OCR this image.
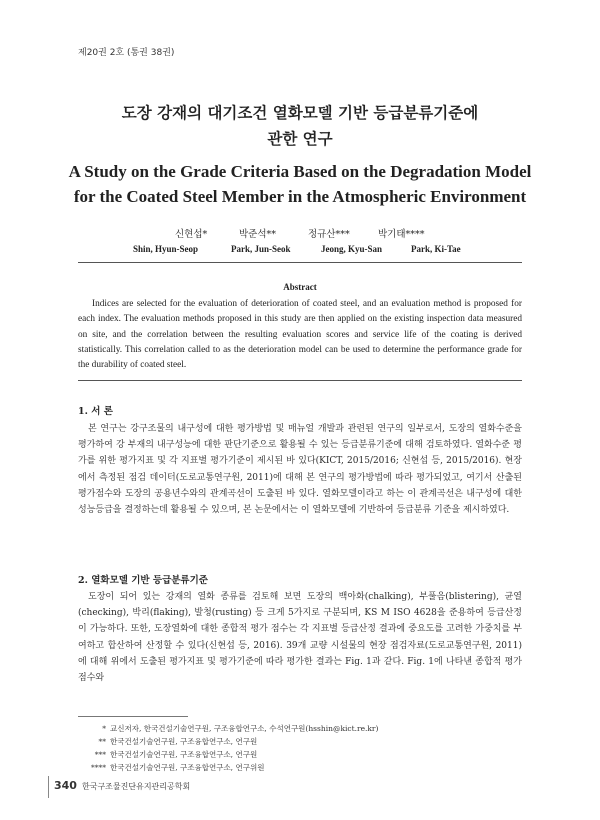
제20권 2호 (통권 38권)
도장 강재의 대기조건 열화모델 기반 등급분류기준에
관한 연구
A Study on the Grade Criteria Based on the Degradation Model
for the Coated Steel Member in the Atmospheric Environment
신현섭*	박준석**	정규산***	박기태****
Shin, Hyun-Seop	Park, Jun-Seok	Jeong, Kyu-San	Park, Ki-Tae
Abstract

Indices are selected for the evaluation of deterioration of coated steel, and an evaluation method is proposed for each index. The evaluation methods proposed in this study are then applied on the existing inspection data measured on site, and the correlation between the resulting evaluation scores and service life of the coating is derived statistically. This correlation called to as the deterioration model can be used to determine the performance grade for the durability of coated steel.

1. 서 론

본 연구는 강구조물의 내구성에 대한 평가방법 및 매뉴얼 개발과 관련된 연구의 일부로서, 도장의 열화수준을 평가하여 강 부재의 내구성능에 대한 판단기준으로 활용될 수 있는 등급분류기준에 대해 검토하였다. 열화수준 평가를 위한 평가지표 및 각 지표별 평가기준이 제시된 바 있다(KICT, 2015/2016; 신현섭 등, 2015/2016). 현장에서 측정된 점검 데이터(도로교통연구원, 2011)에 대해 본 연구의 평가방법에 따라 평가되었고, 여기서 산출된 평가점수와 도장의 공용년수와의 관계곡선이 도출된 바 있다. 열화모델이라고 하는 이 관계곡선은 내구성에 대한 성능등급을 결정하는데 활용될 수 있으며, 본 논문에서는 이 열화모델에 기반하여 등급분류 기준을 제시하였다.

2. 열화모델 기반 등급분류기준

도장이 되어 있는 강재의 열화 종류를 검토해 보면 도장의 백아화(chalking), 부풀음(blistering), 균열(checking), 박리(flaking), 발청(rusting) 등 크게 5가지로 구분되며, KS M ISO 4628을 준용하여 등급산정이 가능하다. 또한, 도장열화에 대한 종합적 평가 점수는 각 지표별 등급산정 결과에 중요도를 고려한 가중치를 부여하고 합산하여 산정할 수 있다(신현섭 등, 2016). 39개 교량 시설물의 현장 점검자료(도로교통연구원, 2011)에 대해 위에서 도출된 평가지표 및 평가기준에 따라 평가한 결과는 Fig. 1과 같다. Fig. 1에 나타낸 종합적 평가 점수와

* 교신저자, 한국건설기술연구원, 구조융합연구소, 수석연구원(hsshin@kict.re.kr)
** 한국건설기술연구원, 구조융합연구소, 연구원
*** 한국건설기술연구원, 구조융합연구소, 연구원
**** 한국건설기술연구원, 구조융합연구소, 연구위원
340 한국구조물진단유지관리공학회
